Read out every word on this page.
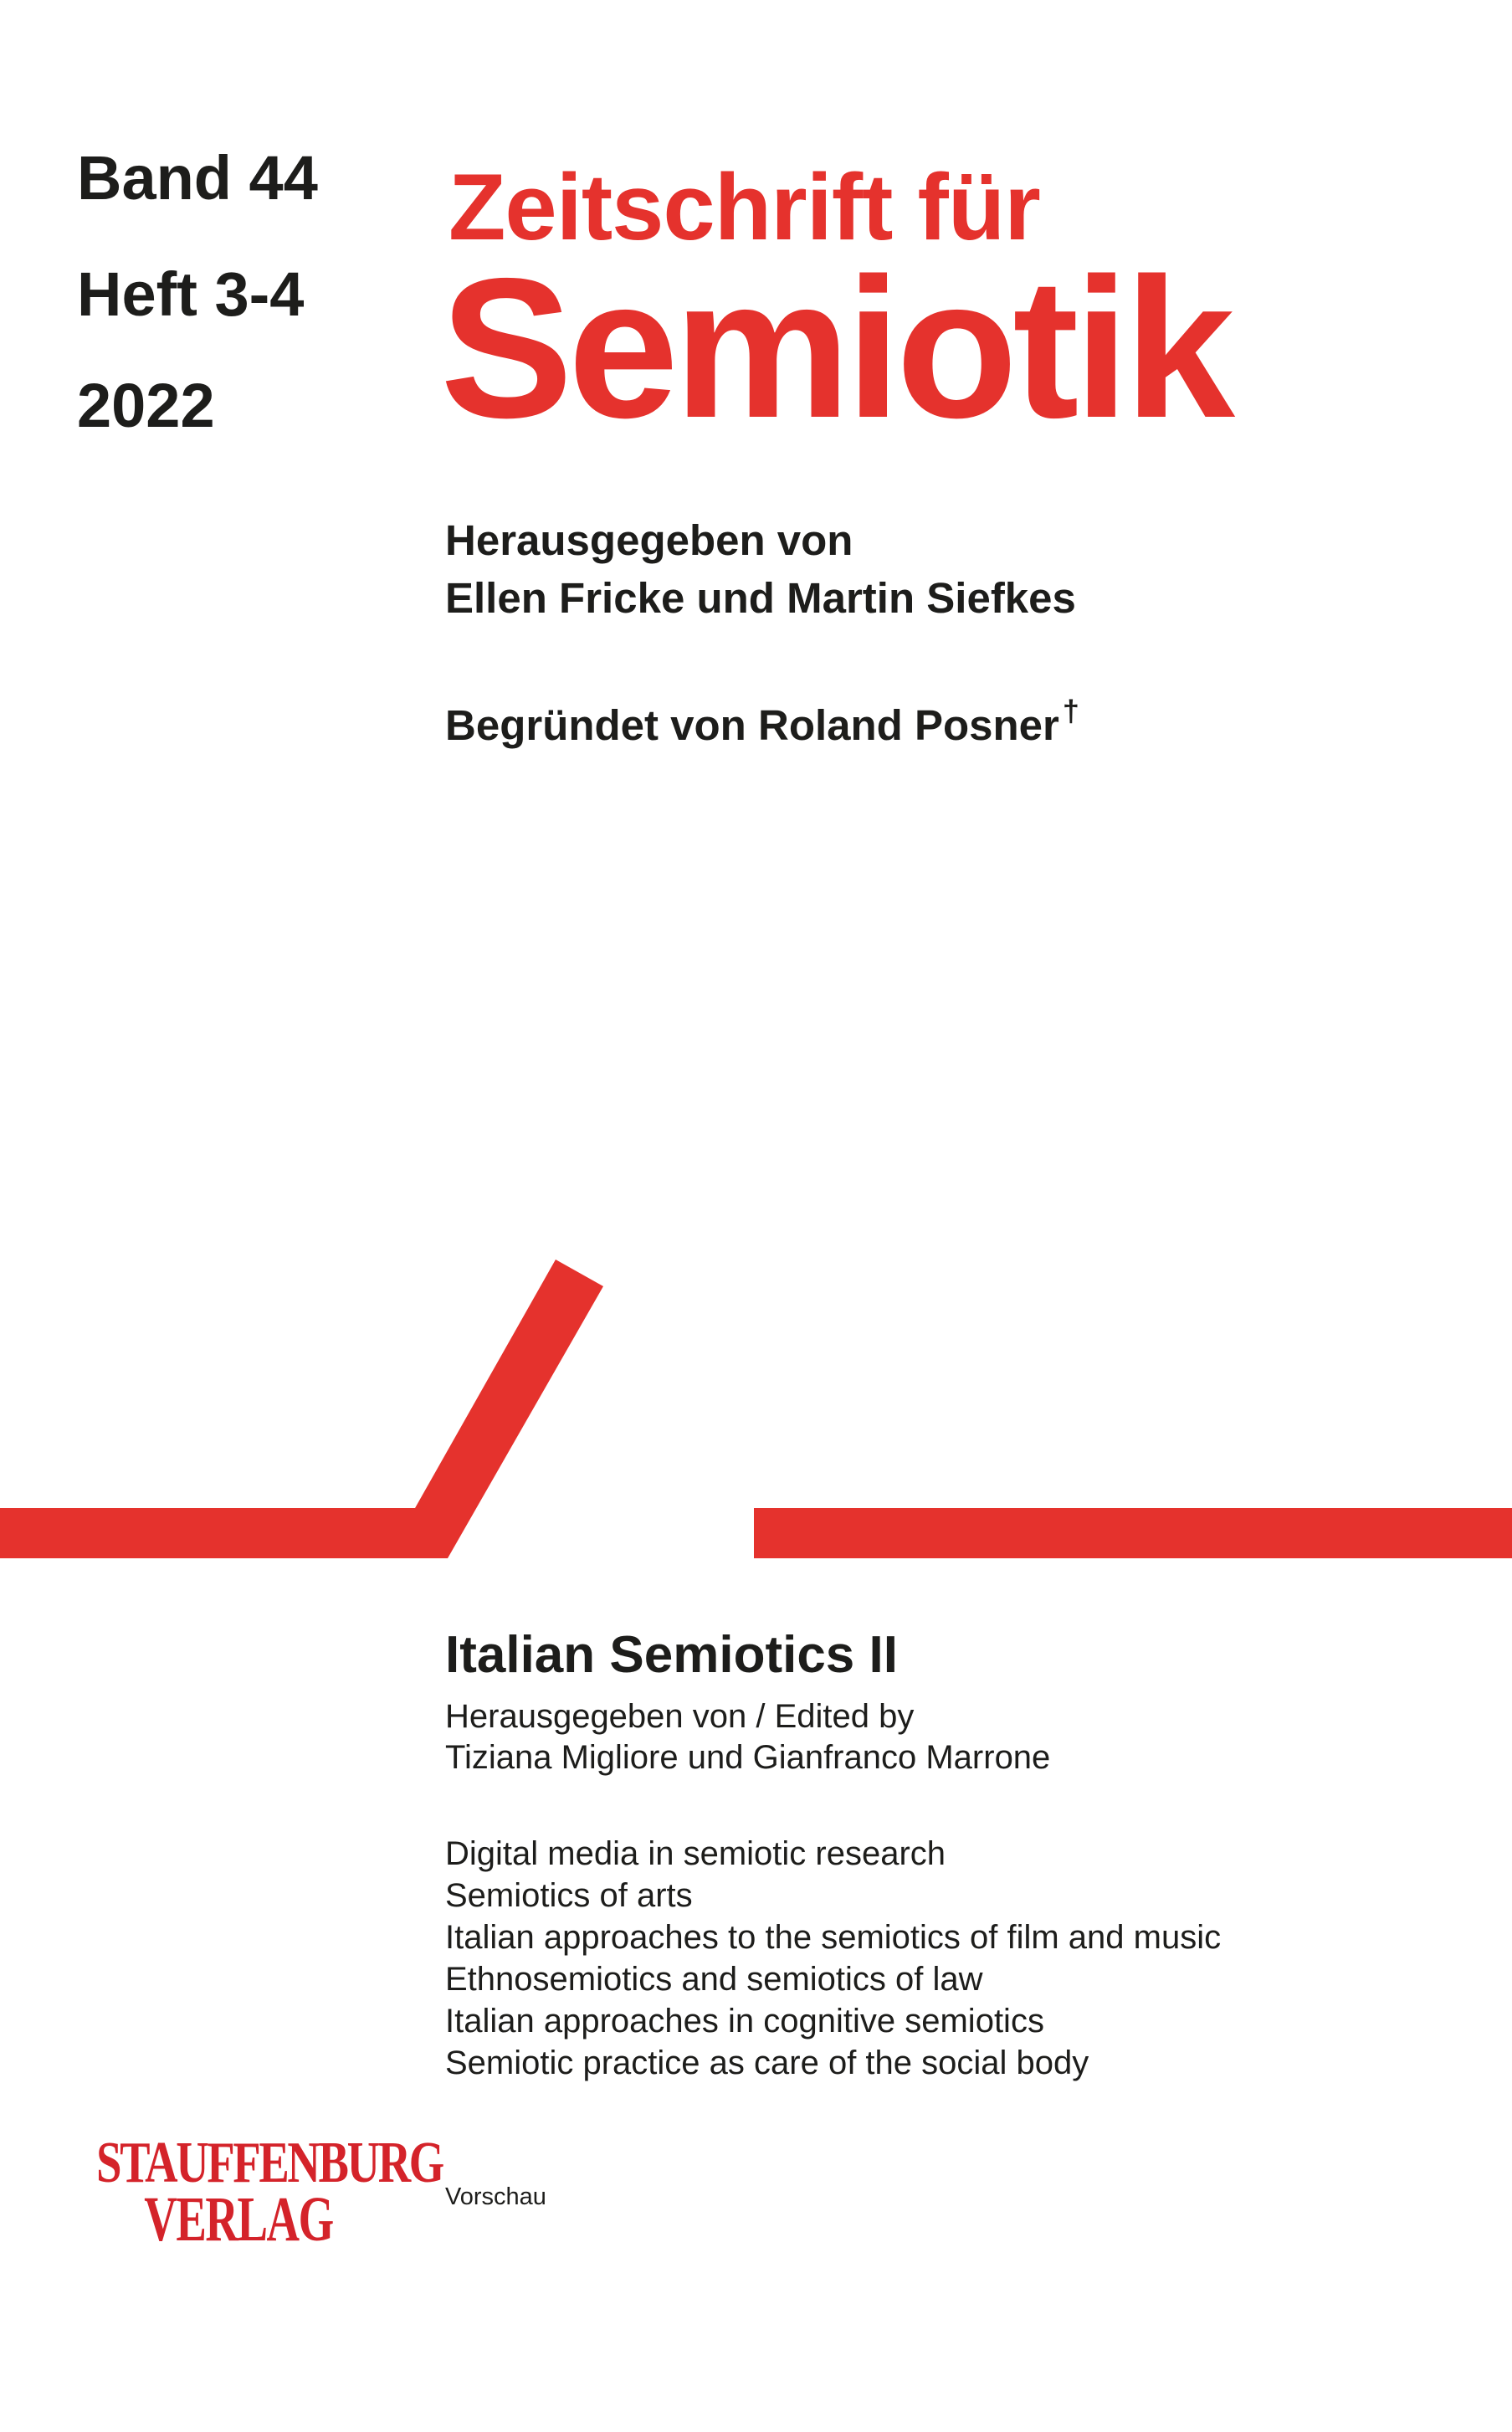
Band 44
Heft 3-4
2022
Zeitschrift für
Semiotik
Herausgegeben von
Ellen Fricke und Martin Siefkes
Begründet von Roland Posner †
Italian Semiotics II
Herausgegeben von / Edited by
Tiziana Migliore und Gianfranco Marrone
Digital media in semiotic research
Semiotics of arts
Italian approaches to the semiotics of film and music
Ethnosemiotics and semiotics of law
Italian approaches in cognitive semiotics
Semiotic practice as care of the social body
STAUFFENBURG
VERLAG	Vorschau
